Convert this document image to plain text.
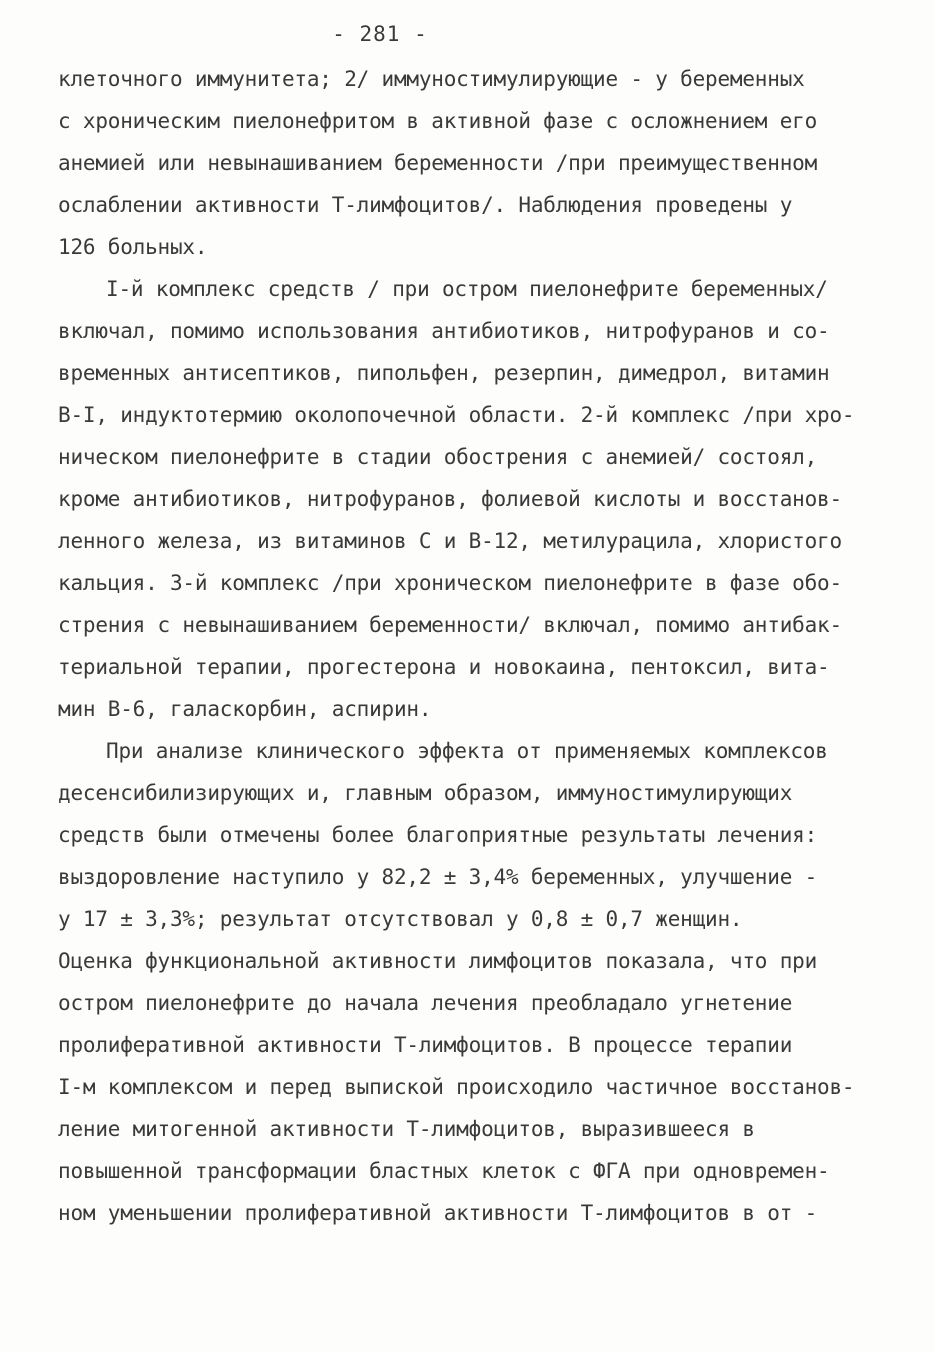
- 281 -
клеточного иммунитета; 2/ иммуностимулирующие - у беременных
с хроническим пиелонефритом в активной фазе с осложнением его
анемией или невынашиванием беременности /при преимущественном
ослаблении активности Т-лимфоцитов/. Наблюдения проведены у
126 больных.
I-й комплекс средств / при остром пиелонефрите беременных/
включал, помимо использования антибиотиков, нитрофуранов и со-
временных антисептиков, пипольфен, резерпин, димедрол, витамин
В-I, индуктотермию околопочечной области. 2-й комплекс /при хро-
ническом пиелонефрите в стадии обострения с анемией/ состоял,
кроме антибиотиков, нитрофуранов, фолиевой кислоты и восстанов-
ленного железа, из витаминов С и В-12, метилурацила, хлористого
кальция. 3-й комплекс /при хроническом пиелонефрите в фазе обо-
стрения с невынашиванием беременности/ включал, помимо антибак-
териальной терапии, прогестерона и новокаина, пентоксил, вита-
мин В-6, галаскорбин, аспирин.
При анализе клинического эффекта от применяемых комплексов
десенсибилизирующих и, главным образом, иммуностимулирующих
средств были отмечены более благоприятные результаты лечения:
выздоровление наступило у 82,2 ± 3,4% беременных, улучшение -
у 17 ± 3,3%; результат отсутствовал у 0,8 ± 0,7 женщин.
Оценка функциональной активности лимфоцитов показала, что при
остром пиелонефрите до начала лечения преобладало угнетение
пролиферативной активности Т-лимфоцитов. В процессе терапии
I-м комплексом и перед выпиской происходило частичное восстанов-
ление митогенной активности Т-лимфоцитов, выразившееся в
повышенной трансформации бластных клеток с ФГА при одновремен-
ном уменьшении пролиферативной активности Т-лимфоцитов в от -
